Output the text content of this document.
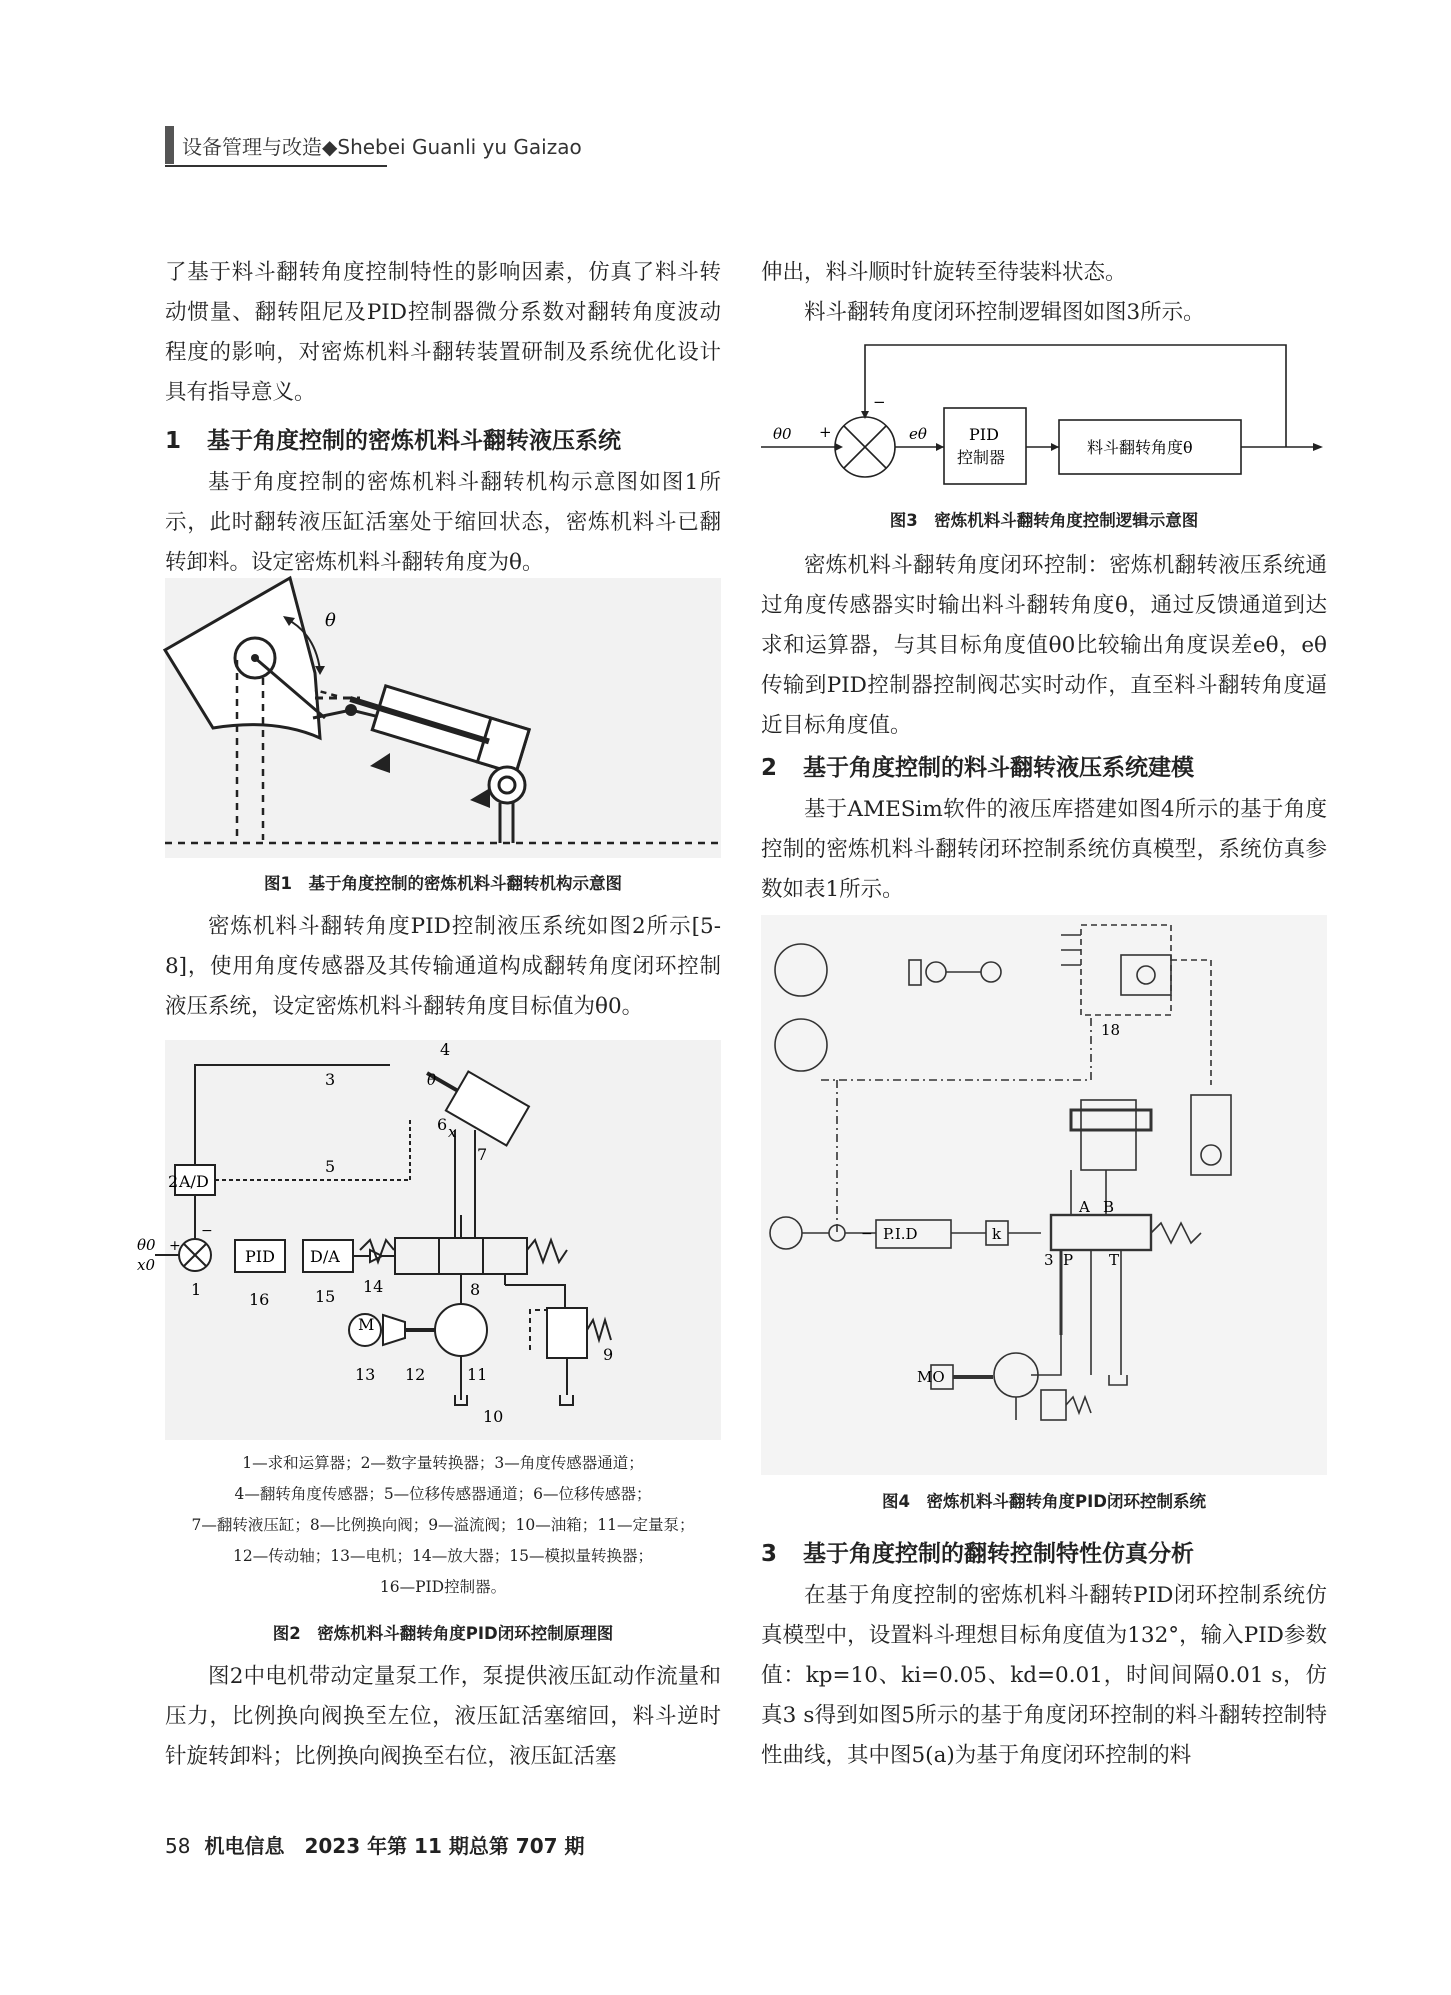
设备管理与改造◆Shebei Guanli yu Gaizao

了基于料斗翻转角度控制特性的影响因素，仿真了料斗转动惯量、翻转阻尼及PID控制器微分系数对翻转角度波动程度的影响，对密炼机料斗翻转装置研制及系统优化设计具有指导意义。

1 基于角度控制的密炼机料斗翻转液压系统

基于角度控制的密炼机料斗翻转机构示意图如图1所示，此时翻转液压缸活塞处于缩回状态，密炼机料斗已翻转卸料。设定密炼机料斗翻转角度为θ。

θ
图1　基于角度控制的密炼机料斗翻转机构示意图

密炼机料斗翻转角度PID控制液压系统如图2所示[5-8]，使用角度传感器及其传输通道构成翻转角度闭环控制液压系统，设定密炼机料斗翻转角度目标值为θ0。

2 A/D
PID D/A
θ0
x0
+
−
M
1
3
4
5
6
7
8
9
10
11
12
13
14
15
16
θ
x
1—求和运算器；2—数字量转换器；3—角度传感器通道；
4—翻转角度传感器；5—位移传感器通道；6—位移传感器；
7—翻转液压缸；8—比例换向阀；9—溢流阀；10—油箱；11—定量泵；
12—传动轴；13—电机；14—放大器；15—模拟量转换器；
16—PID控制器。
图2　密炼机料斗翻转角度PID闭环控制原理图

图2中电机带动定量泵工作，泵提供液压缸动作流量和压力，比例换向阀换至左位，液压缸活塞缩回，料斗逆时针旋转卸料；比例换向阀换至右位，液压缸活塞

伸出，料斗顺时针旋转至待装料状态。

料斗翻转角度闭环控制逻辑图如图3所示。

θ0 +
−
eθ	PID
控制器
料斗翻转角度θ
图3　密炼机料斗翻转角度控制逻辑示意图

密炼机料斗翻转角度闭环控制：密炼机翻转液压系统通过角度传感器实时输出料斗翻转角度θ，通过反馈通道到达求和运算器，与其目标角度值θ0比较输出角度误差eθ，eθ传输到PID控制器控制阀芯实时动作，直至料斗翻转角度逼近目标角度值。

2 基于角度控制的料斗翻转液压系统建模

基于AMESim软件的液压库搭建如图4所示的基于角度控制的密炼机料斗翻转闭环控制系统仿真模型，系统仿真参数如表1所示。

− P.I.D	k
A B
P T
3
18
MO
图4　密炼机料斗翻转角度PID闭环控制系统
3 基于角度控制的翻转控制特性仿真分析

在基于角度控制的密炼机料斗翻转PID闭环控制系统仿真模型中，设置料斗理想目标角度值为132°，输入PID参数值：kp=10、ki=0.05、kd=0.01，时间间隔0.01 s，仿真3 s得到如图5所示的基于角度闭环控制的料斗翻转控制特性曲线，其中图5(a)为基于角度闭环控制的料

58 机电信息　2023 年第 11 期总第 707 期
